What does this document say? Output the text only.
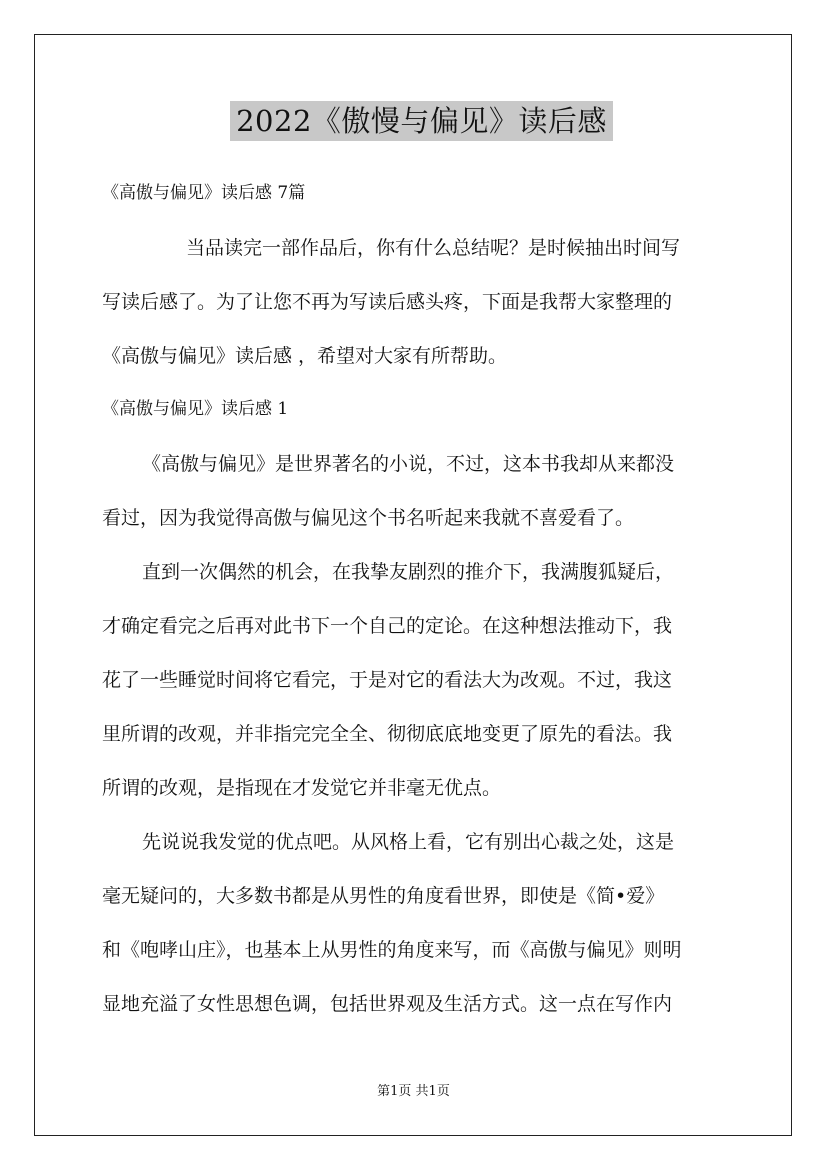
2022《傲慢与偏见》读后感
《高傲与偏见》读后感 7篇
当品读完一部作品后，你有什么总结呢？是时候抽出时间写
写读后感了。为了让您不再为写读后感头疼，下面是我帮大家整理的
《高傲与偏见》读后感 ，希望对大家有所帮助。
《高傲与偏见》读后感 1
《高傲与偏见》是世界著名的小说，不过，这本书我却从来都没
看过，因为我觉得高傲与偏见这个书名听起来我就不喜爱看了。
直到一次偶然的机会，在我挚友剧烈的推介下，我满腹狐疑后，
才确定看完之后再对此书下一个自己的定论。在这种想法推动下，我
花了一些睡觉时间将它看完，于是对它的看法大为改观。不过，我这
里所谓的改观，并非指完完全全、彻彻底底地变更了原先的看法。我
所谓的改观，是指现在才发觉它并非毫无优点。
先说说我发觉的优点吧。从风格上看，它有别出心裁之处，这是
毫无疑问的，大多数书都是从男性的角度看世界，即使是《简•爱》
和《咆哮山庄》，也基本上从男性的角度来写，而《高傲与偏见》则明
显地充溢了女性思想色调，包括世界观及生活方式。这一点在写作内
第1页 共1页
